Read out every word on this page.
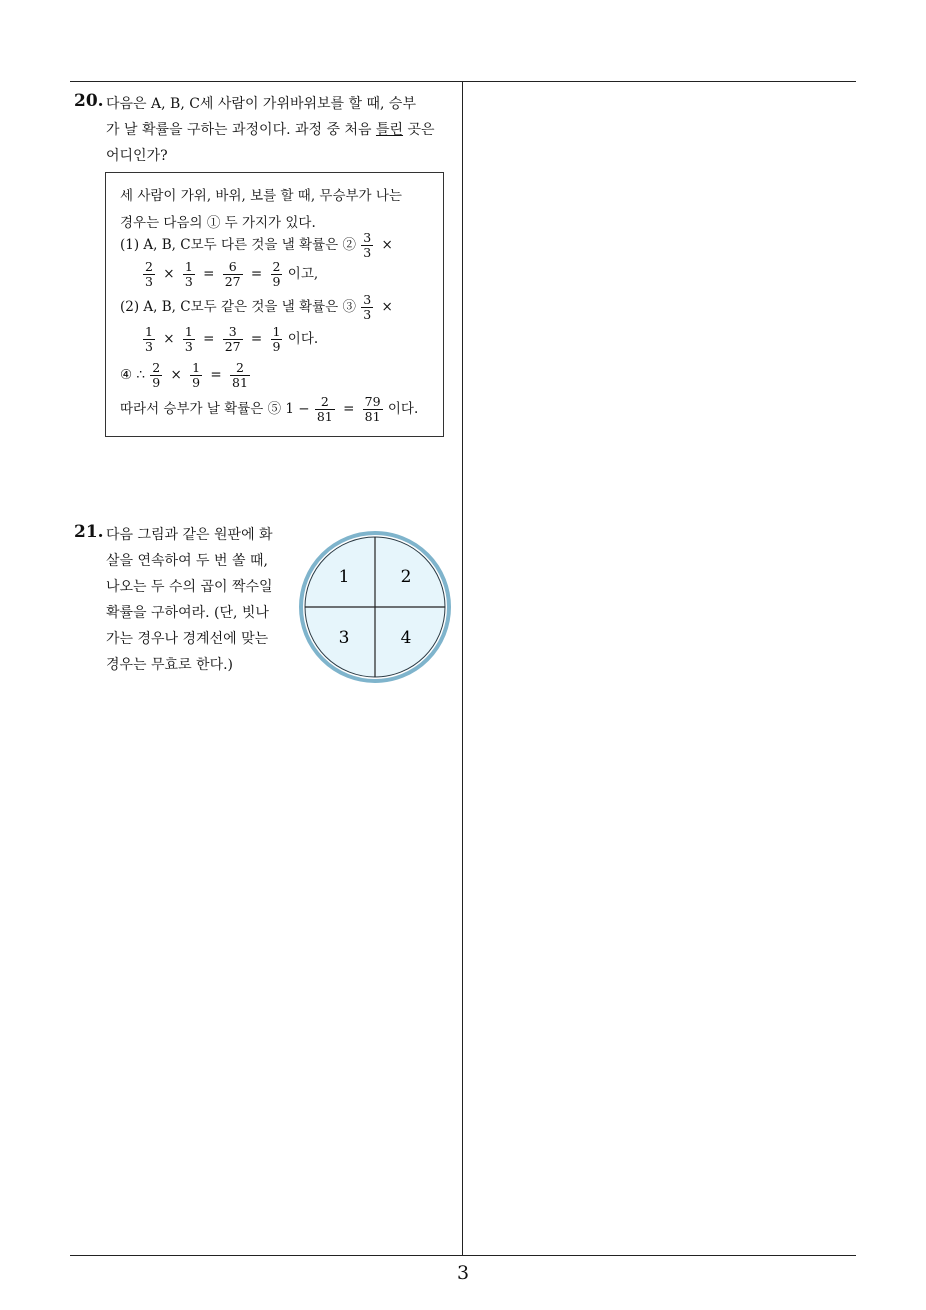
3
20. 다음은 A, B, C세 사람이 가위바위보를 할 때, 승부
가 날 확률을 구하는 과정이다. 과정 중 처음 틀린 곳은
어디인가?
세 사람이 가위, 바위, 보를 할 때, 무승부가 나는
경우는 다음의 ① 두 가지가 있다.
(1) A, B, C모두 다른 것을 낼 확률은 ② $\frac{3}{3}$ ×
$\frac{2}{3} \times \frac{1}{3} = \frac{6}{27} = \frac{2}{9}$ 이고,
(2) A, B, C모두 같은 것을 낼 확률은 ③ $\frac{3}{3}$ ×
$\frac{1}{3} \times \frac{1}{3} = \frac{3}{27} = \frac{1}{9}$ 이다.
④ ∴ $\frac{2}{9} \times \frac{1}{9} = \frac{2}{81}$
따라서 승부가 날 확률은 ⑤ $1 - \frac{2}{81} = \frac{79}{81}$ 이다.
21. 다음 그림과 같은 원판에 화
살을 연속하여 두 번 쏠 때,
나오는 두 수의 곱이 짝수일
확률을 구하여라. (단, 빗나
가는 경우나 경계선에 맞는
경우는 무효로 한다.)
1	2
3	4
